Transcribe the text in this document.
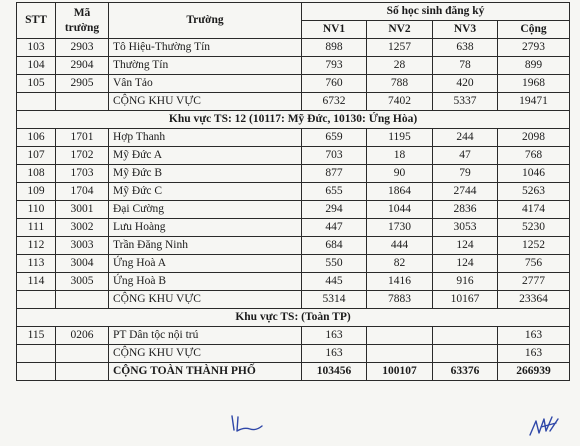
STT	Mã trường	Trường	Số học sinh đăng ký			
			NV1	NV2	NV3	Cộng
103	2903	Tô Hiệu-Thường Tín	898	1257	638	2793
104	2904	Thường Tín	793	28	78	899
105	2905	Vân Tảo	760	788	420	1968
		CỘNG KHU VỰC	6732	7402	5337	19471
Khu vực TS: 12 (10117: Mỹ Đức, 10130: Ứng Hòa)						
106	1701	Hợp Thanh	659	1195	244	2098
107	1702	Mỹ Đức A	703	18	47	768
108	1703	Mỹ Đức B	877	90	79	1046
109	1704	Mỹ Đức C	655	1864	2744	5263
110	3001	Đại Cường	294	1044	2836	4174
111	3002	Lưu Hoàng	447	1730	3053	5230
112	3003	Trần Đăng Ninh	684	444	124	1252
113	3004	Ứng Hoà A	550	82	124	756
114	3005	Ứng Hoà B	445	1416	916	2777
		CỘNG KHU VỰC	5314	7883	10167	23364
Khu vực TS: (Toàn TP)						
115	0206	PT Dân tộc nội trú	163			163
		CỘNG KHU VỰC	163			163
		CỘNG TOÀN THÀNH PHỐ	103456	100107	63376	266939
